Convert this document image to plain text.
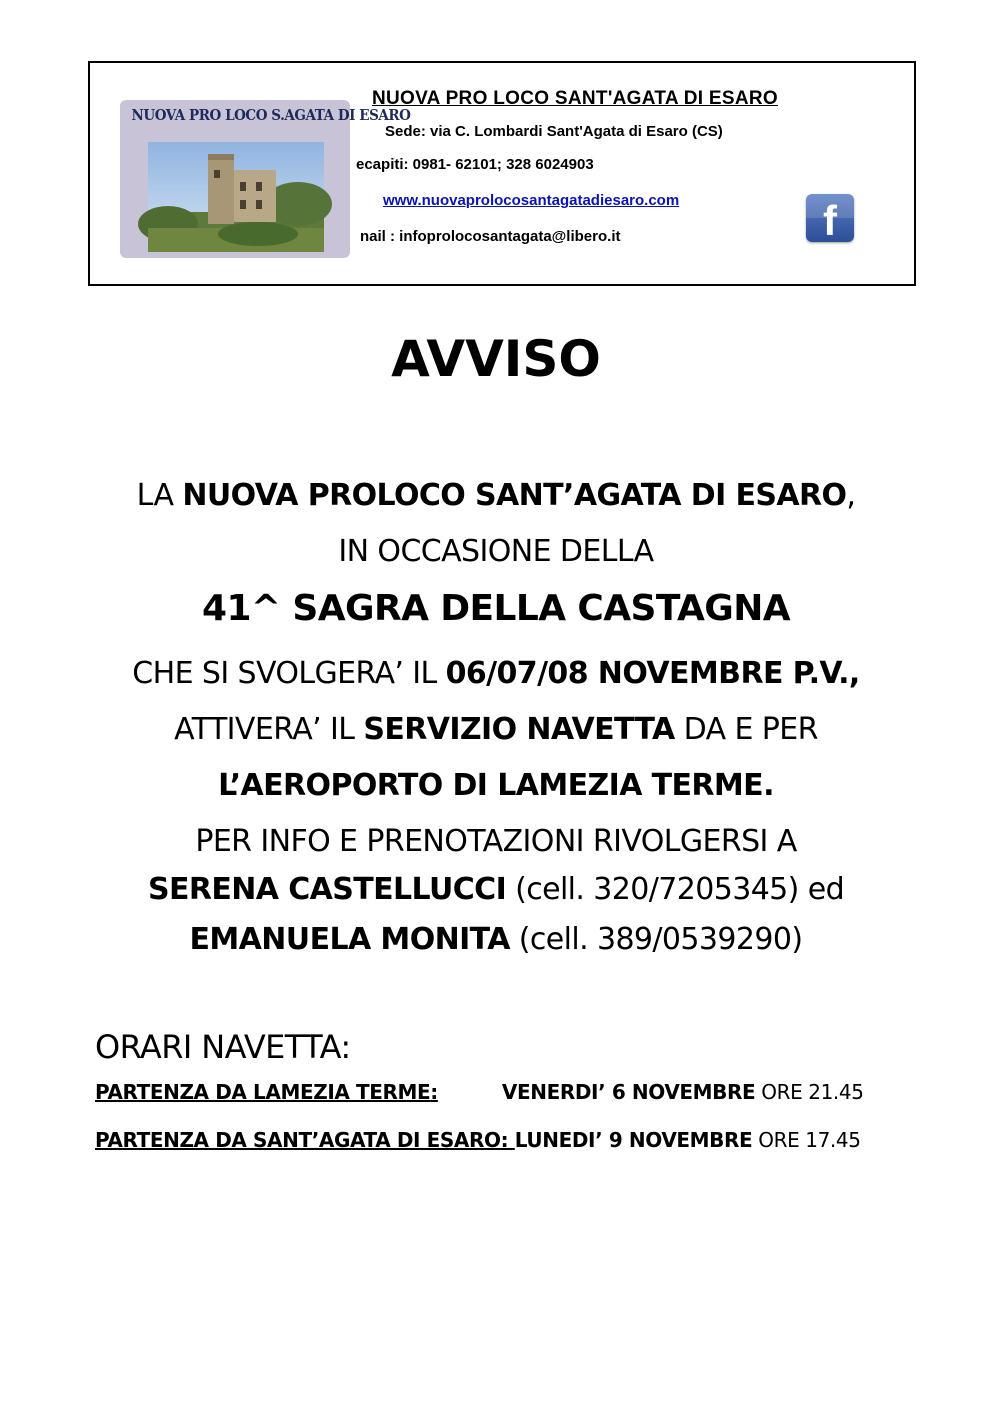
NUOVA PRO LOCO S.AGATA DI ESARO
NUOVA PRO LOCO SANT'AGATA DI ESARO
Sede: via C. Lombardi Sant'Agata di Esaro (CS)
ecapiti: 0981- 62101; 328 6024903
www.nuovaprolocosantagatadiesaro.com
nail : infoprolocosantagata@libero.it	f
AVVISO
LA NUOVA PROLOCO SANT’AGATA DI ESARO,
IN OCCASIONE DELLA
41^ SAGRA DELLA CASTAGNA
CHE SI SVOLGERA’ IL 06/07/08 NOVEMBRE P.V.,
ATTIVERA’ IL SERVIZIO NAVETTA DA E PER
L’AEROPORTO DI LAMEZIA TERME.
PER INFO E PRENOTAZIONI RIVOLGERSI A
SERENA CASTELLUCCI (cell. 320/7205345) ed
EMANUELA MONITA (cell. 389/0539290)
ORARI NAVETTA:
PARTENZA DA LAMEZIA TERME:	VENERDI’ 6 NOVEMBRE ORE 21.45
PARTENZA DA SANT’AGATA DI ESARO: LUNEDI’ 9 NOVEMBRE ORE 17.45
